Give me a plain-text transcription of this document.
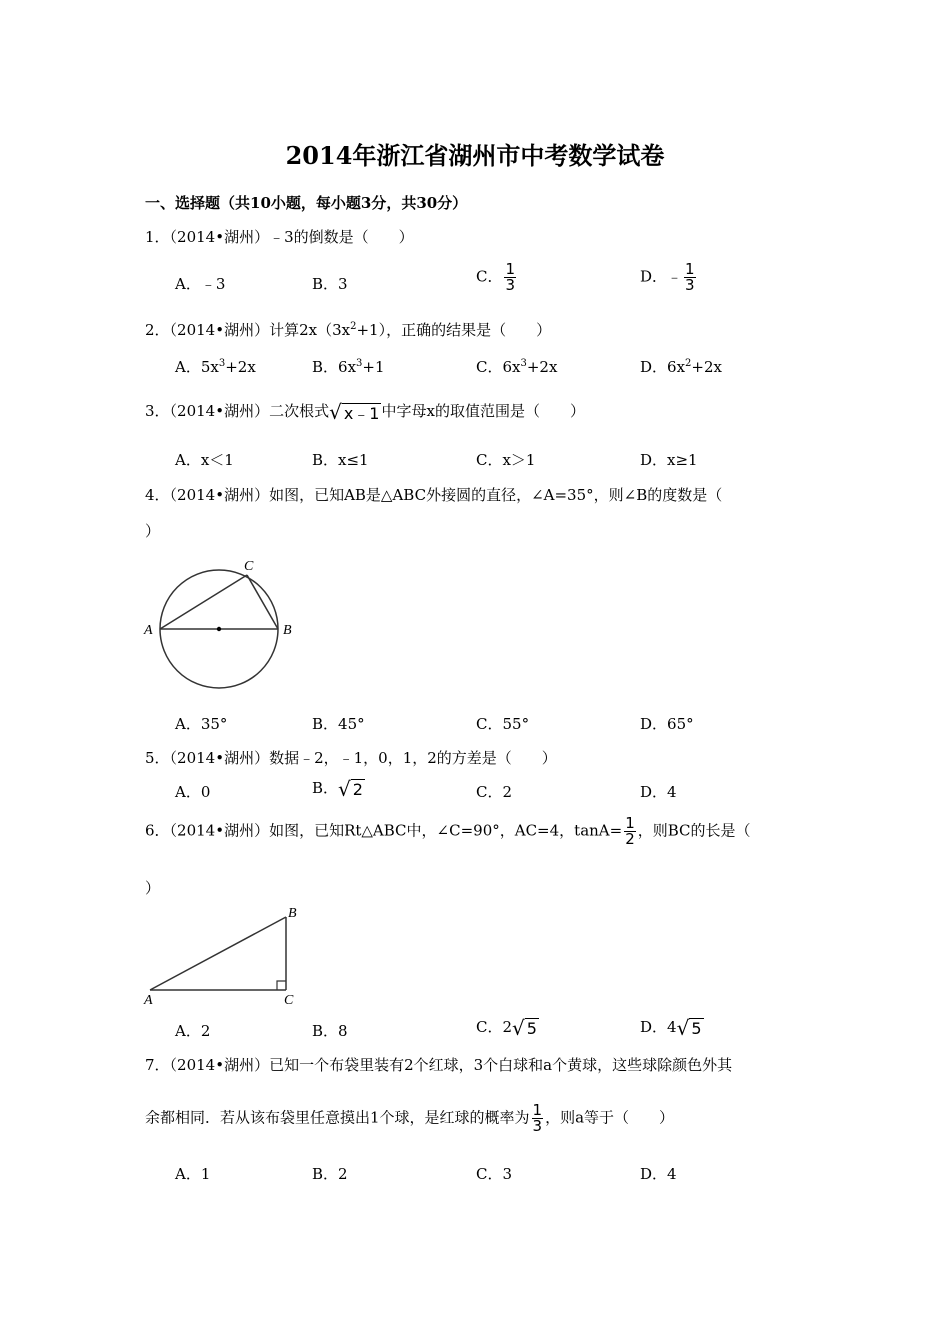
2014年浙江省湖州市中考数学试卷
一、选择题（共10小题，每小题3分，共30分）
1．（2014•湖州）﹣3的倒数是（　　）
A．﹣3	B．3	C． $\frac{1}{3}$	D．﹣ $\frac{1}{3}$
2．（2014•湖州）计算$2x(3x^2+1)$，正确的结果是（　　）
A．$5x^3+2x$	B．$6x^3+1$	C．$6x^3+2x$	D．$6x^2+2x$
3．（2014•湖州）二次根式√ x﹣1 中字母x的取值范围是（　　）
A．x＜1	B．x≤1	C．x＞1	D．x≥1
4．（2014•湖州）如图，已知AB是△ABC外接圆的直径，∠A=35°，则∠B的度数是（
）
A	B
C
A．35°	B．45°	C．55°	D．65°
5．（2014•湖州）数据﹣2，﹣1，0，1，2的方差是（　　）
A．0	B．√ 2	C．2	D．4
6．（2014•湖州）如图，已知Rt△ABC中，∠C=90°，AC=4，$\tan A= \frac{1}{2}$ ，则BC的长是（
）
A
B
C
A．2	B．8	C．2√ 5	D．4√ 5
7．（2014•湖州）已知一个布袋里装有2个红球，3个白球和a个黄球，这些球除颜色外其
余都相同．若从该布袋里任意摸出1个球，是红球的概率为 $\frac{1}{3}$ ，则a等于（　　）
A．1	B．2	C．3	D．4
